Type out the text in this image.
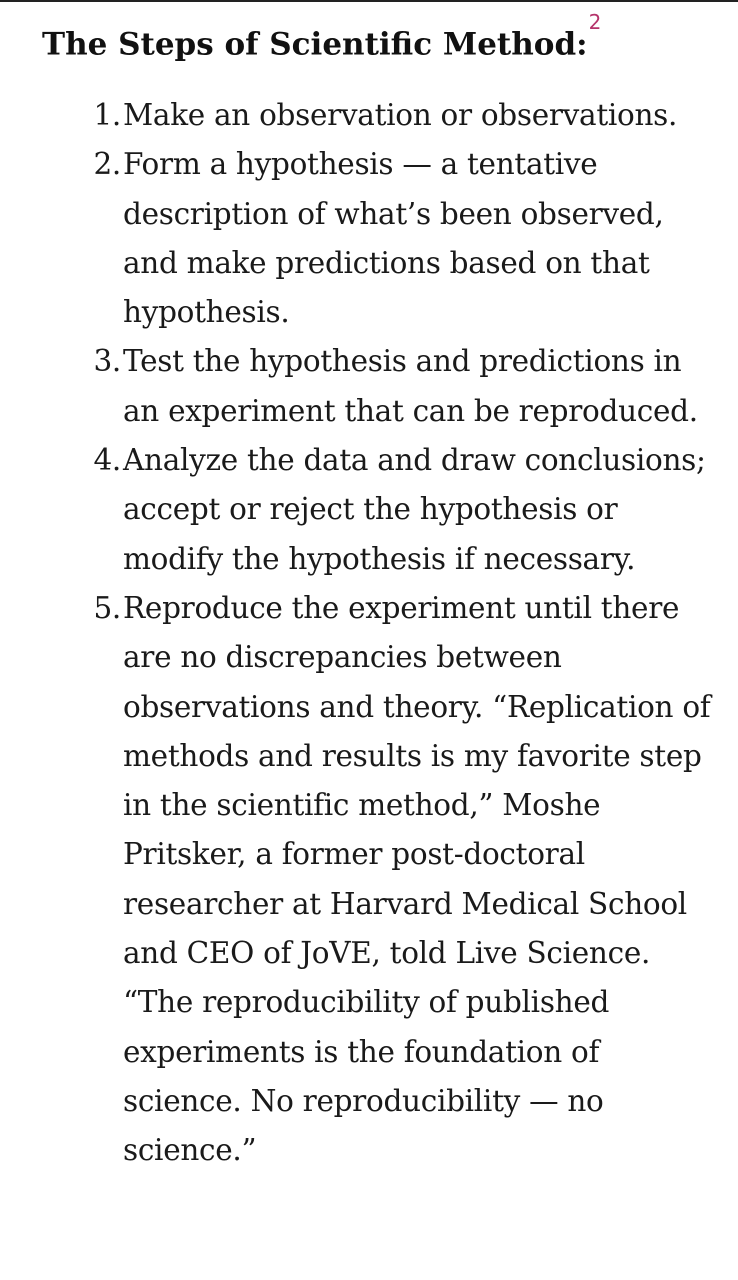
The Steps of Scientific Method:$^2$
1. Make an observation or observations.
2. Form a hypothesis — a tentative description of what’s been observed, and make predictions based on that hypothesis.
3. Test the hypothesis and predictions in an experiment that can be reproduced.
4. Analyze the data and draw conclusions; accept or reject the hypothesis or modify the hypothesis if necessary.
5. Reproduce the experiment until there are no discrepancies between observations and theory. “Replication of methods and results is my favorite step in the scientific method,” Moshe Pritsker, a former post-doctoral researcher at Harvard Medical School and CEO of JoVE, told Live Science. “The reproducibility of published experiments is the foundation of science. No reproducibility — no science.”
